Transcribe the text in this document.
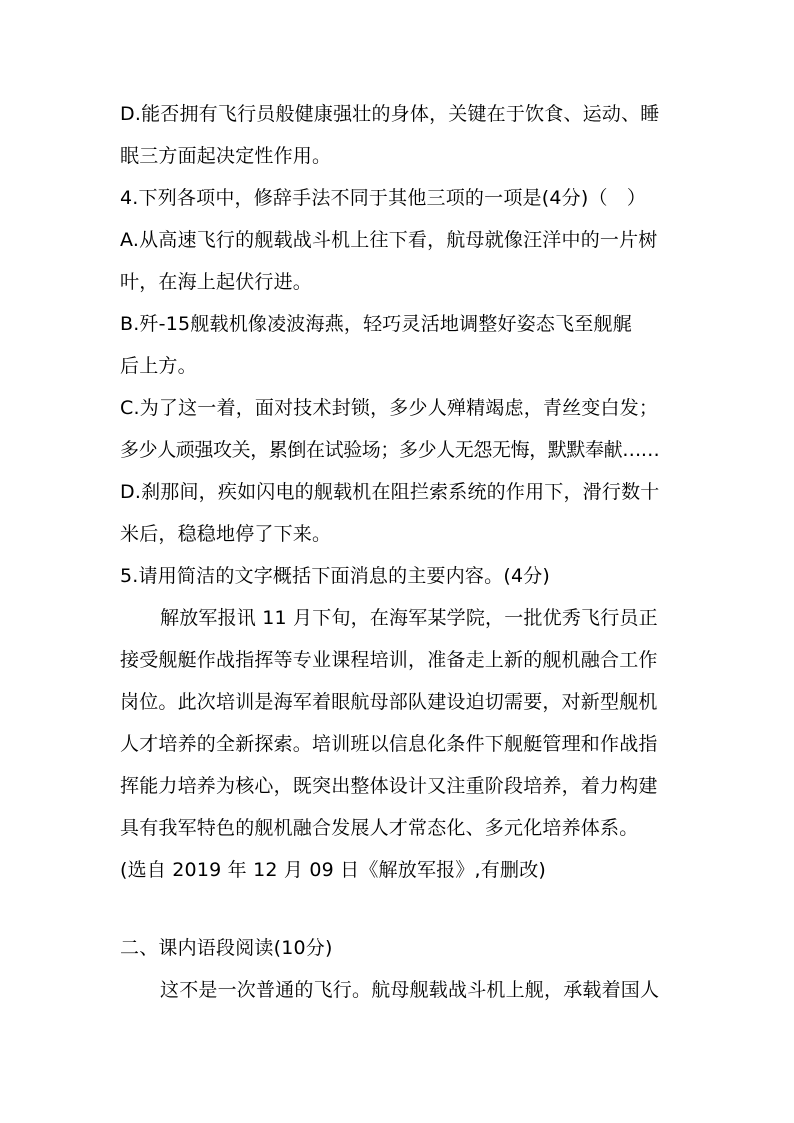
D.能否拥有飞行员般健康强壮的身体，关键在于饮食、运动、睡
眠三方面起决定性作用。
4.下列各项中，修辞手法不同于其他三项的一项是(4分)（　）
A.从高速飞行的舰载战斗机上往下看，航母就像汪洋中的一片树
叶，在海上起伏行进。
B.歼-15舰载机像凌波海燕，轻巧灵活地调整好姿态飞至舰艉
后上方。
C.为了这一着，面对技术封锁，多少人殚精竭虑，青丝变白发；
多少人顽强攻关，累倒在试验场；多少人无怨无悔，默默奉献……
D.刹那间，疾如闪电的舰载机在阻拦索系统的作用下，滑行数十
米后，稳稳地停了下来。
5.请用简洁的文字概括下面消息的主要内容。(4分)
解放军报讯 11 月下旬，在海军某学院，一批优秀飞行员正
接受舰艇作战指挥等专业课程培训，准备走上新的舰机融合工作
岗位。此次培训是海军着眼航母部队建设迫切需要，对新型舰机
人才培养的全新探索。培训班以信息化条件下舰艇管理和作战指
挥能力培养为核心，既突出整体设计又注重阶段培养，着力构建
具有我军特色的舰机融合发展人才常态化、多元化培养体系。
(选自 2019 年 12 月 09 日《解放军报》,有删改)
二、课内语段阅读(10分)
这不是一次普通的飞行。航母舰载战斗机上舰，承载着国人
